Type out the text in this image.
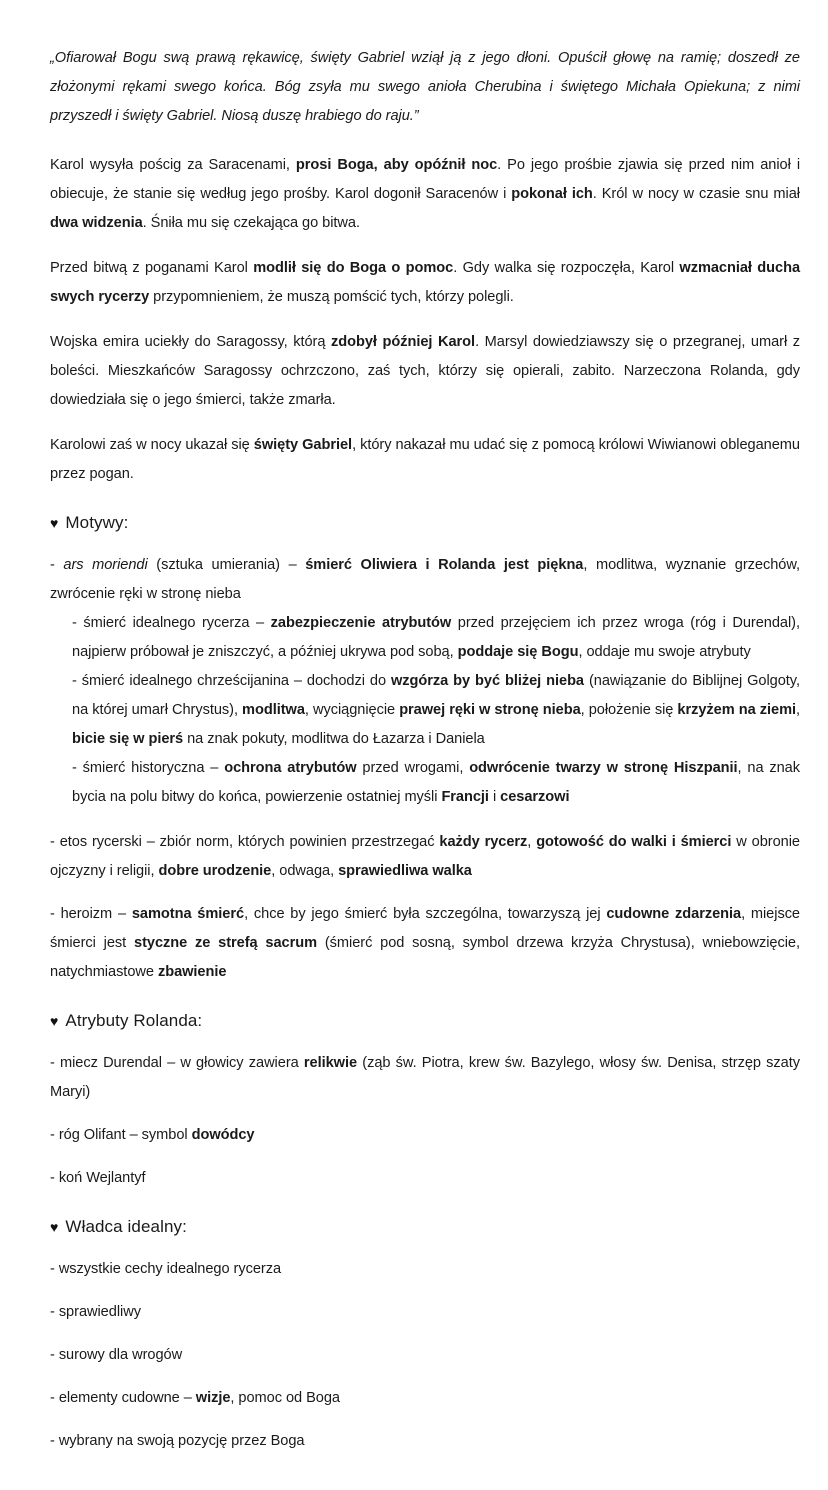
„Ofiarował Bogu swą prawą rękawicę, święty Gabriel wziął ją z jego dłoni. Opuścił głowę na ramię; doszedł ze złożonymi rękami swego końca. Bóg zsyła mu swego anioła Cherubina i świętego Michała Opiekuna; z nimi przyszedł i święty Gabriel. Niosą duszę hrabiego do raju.”

Karol wysyła pościg za Saracenami, prosi Boga, aby opóźnił noc. Po jego prośbie zjawia się przed nim anioł i obiecuje, że stanie się według jego prośby. Karol dogonił Saracenów i pokonał ich. Król w nocy w czasie snu miał dwa widzenia. Śniła mu się czekająca go bitwa.

Przed bitwą z poganami Karol modlił się do Boga o pomoc. Gdy walka się rozpoczęła, Karol wzmacniał ducha swych rycerzy przypomnieniem, że muszą pomścić tych, którzy polegli.

Wojska emira uciekły do Saragossy, którą zdobył później Karol. Marsyl dowiedziawszy się o przegranej, umarł z boleści. Mieszkańców Saragossy ochrzczono, zaś tych, którzy się opierali, zabito. Narzeczona Rolanda, gdy dowiedziała się o jego śmierci, także zmarła.

Karolowi zaś w nocy ukazał się święty Gabriel, który nakazał mu udać się z pomocą królowi Wiwianowi obleganemu przez pogan.

♥ Motywy:

- ars moriendi (sztuka umierania) – śmierć Oliwiera i Rolanda jest piękna, modlitwa, wyznanie grzechów, zwrócenie ręki w stronę nieba

- śmierć idealnego rycerza – zabezpieczenie atrybutów przed przejęciem ich przez wroga (róg i Durendal), najpierw próbował je zniszczyć, a później ukrywa pod sobą, poddaje się Bogu, oddaje mu swoje atrybuty

- śmierć idealnego chrześcijanina – dochodzi do wzgórza by być bliżej nieba (nawiązanie do Biblijnej Golgoty, na której umarł Chrystus), modlitwa, wyciągnięcie prawej ręki w stronę nieba, położenie się krzyżem na ziemi, bicie się w pierś na znak pokuty, modlitwa do Łazarza i Daniela

- śmierć historyczna – ochrona atrybutów przed wrogami, odwrócenie twarzy w stronę Hiszpanii, na znak bycia na polu bitwy do końca, powierzenie ostatniej myśli Francji i cesarzowi

- etos rycerski – zbiór norm, których powinien przestrzegać każdy rycerz, gotowość do walki i śmierci w obronie ojczyzny i religii, dobre urodzenie, odwaga, sprawiedliwa walka

- heroizm – samotna śmierć, chce by jego śmierć była szczególna, towarzyszą jej cudowne zdarzenia, miejsce śmierci jest styczne ze strefą sacrum (śmierć pod sosną, symbol drzewa krzyża Chrystusa), wniebowzięcie, natychmiastowe zbawienie

♥ Atrybuty Rolanda:

- miecz Durendal – w głowicy zawiera relikwie (ząb św. Piotra, krew św. Bazylego, włosy św. Denisa, strzęp szaty Maryi)

- róg Olifant – symbol dowódcy

- koń Wejlantyf

♥ Władca idealny:

- wszystkie cechy idealnego rycerza

- sprawiedliwy

- surowy dla wrogów

- elementy cudowne – wizje, pomoc od Boga

- wybrany na swoją pozycję przez Boga
